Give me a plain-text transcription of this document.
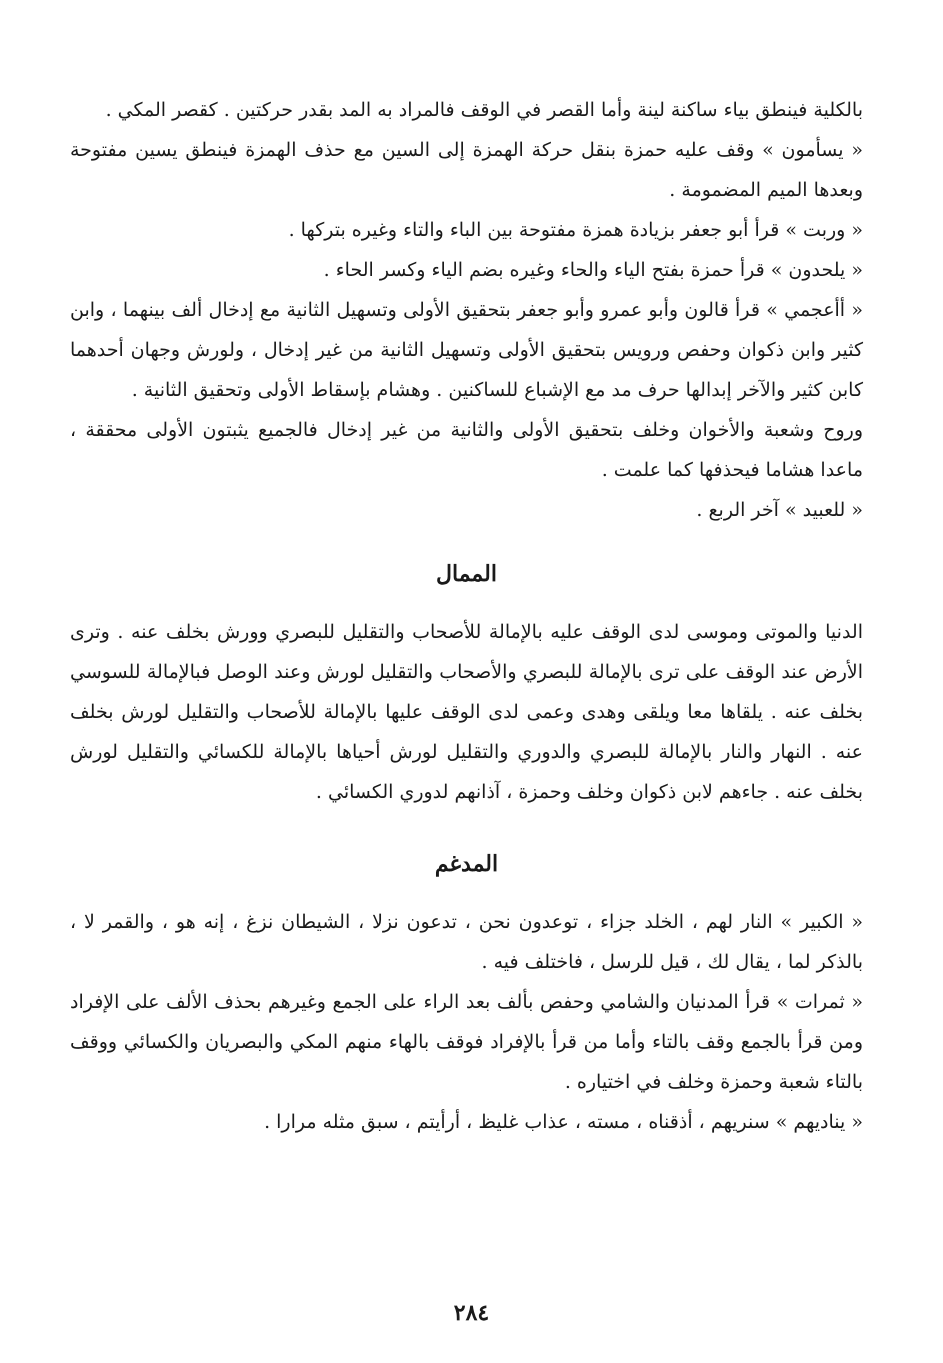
بالكلية فينطق بياء ساكنة لينة وأما القصر في الوقف فالمراد به المد بقدر حركتين . كقصر المكي .

« يسأمون » وقف عليه حمزة بنقل حركة الهمزة إلى السين مع حذف الهمزة فينطق يسين مفتوحة وبعدها الميم المضمومة .

« وربت » قرأ أبو جعفر بزيادة همزة مفتوحة بين الباء والتاء وغيره بتركها .

« يلحدون » قرأ حمزة بفتح الياء والحاء وغيره بضم الياء وكسر الحاء .

« أأعجمي » قرأ قالون وأبو عمرو وأبو جعفر بتحقيق الأولى وتسهيل الثانية مع إدخال ألف بينهما ، وابن كثير وابن ذكوان وحفص ورويس بتحقيق الأولى وتسهيل الثانية من غير إدخال ، ولورش وجهان أحدهما كابن كثير والآخر إبدالها حرف مد مع الإشباع للساكنين . وهشام بإسقاط الأولى وتحقيق الثانية .

وروح وشعبة والأخوان وخلف بتحقيق الأولى والثانية من غير إدخال فالجميع يثبتون الأولى محققة ، ماعدا هشاما فيحذفها كما علمت .

« للعبيد » آخر الربع .

الممال

الدنيا والموتى وموسى لدى الوقف عليه بالإمالة للأصحاب والتقليل للبصري وورش بخلف عنه . وترى الأرض عند الوقف على ترى بالإمالة للبصري والأصحاب والتقليل لورش وعند الوصل فبالإمالة للسوسي بخلف عنه . يلقاها معا ويلقى وهدى وعمى لدى الوقف عليها بالإمالة للأصحاب والتقليل لورش بخلف عنه . النهار والنار بالإمالة للبصري والدوري والتقليل لورش أحياها بالإمالة للكسائي والتقليل لورش بخلف عنه . جاءهم لابن ذكوان وخلف وحمزة ، آذانهم لدوري الكسائي .

المدغم

« الكبير » النار لهم ، الخلد جزاء ، توعدون نحن ، تدعون نزلا ، الشيطان نزغ ، إنه هو ، والقمر لا ، بالذكر لما ، يقال لك ، قيل للرسل ، فاختلف فيه .

« ثمرات » قرأ المدنيان والشامي وحفص بألف بعد الراء على الجمع وغيرهم بحذف الألف على الإفراد ومن قرأ بالجمع وقف بالتاء وأما من قرأ بالإفراد فوقف بالهاء منهم المكي والبصريان والكسائي ووقف بالتاء شعبة وحمزة وخلف في اختياره .

« يناديهم » سنريهم ، أذقناه ، مسته ، عذاب غليظ ، أرأيتم ، سبق مثله مرارا .

٢٨٤
